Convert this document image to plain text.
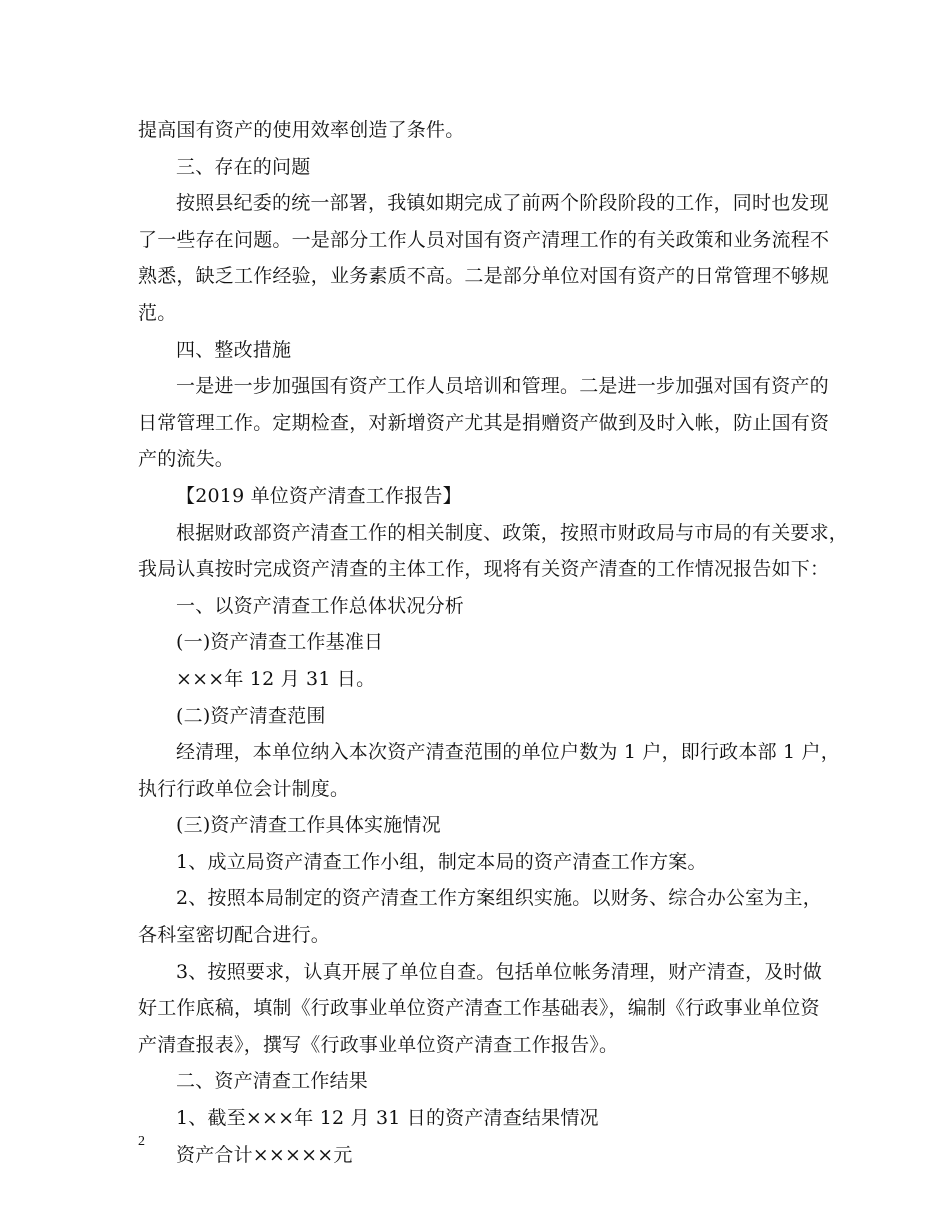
提高国有资产的使用效率创造了条件。
三、存在的问题
按照县纪委的统一部署，我镇如期完成了前两个阶段阶段的工作，同时也发现
了一些存在问题。一是部分工作人员对国有资产清理工作的有关政策和业务流程不
熟悉，缺乏工作经验，业务素质不高。二是部分单位对国有资产的日常管理不够规
范。
四、整改措施
一是进一步加强国有资产工作人员培训和管理。二是进一步加强对国有资产的
日常管理工作。定期检查，对新增资产尤其是捐赠资产做到及时入帐，防止国有资
产的流失。
【2019 单位资产清查工作报告】
根据财政部资产清查工作的相关制度、政策，按照市财政局与市局的有关要求，
我局认真按时完成资产清查的主体工作，现将有关资产清查的工作情况报告如下：
一、以资产清查工作总体状况分析
(一)资产清查工作基准日
×××年 12 月 31 日。
(二)资产清查范围
经清理，本单位纳入本次资产清查范围的单位户数为 1 户，即行政本部 1 户，
执行行政单位会计制度。
(三)资产清查工作具体实施情况
1、成立局资产清查工作小组，制定本局的资产清查工作方案。
2、按照本局制定的资产清查工作方案组织实施。以财务、综合办公室为主，
各科室密切配合进行。
3、按照要求，认真开展了单位自查。包括单位帐务清理，财产清查，及时做
好工作底稿，填制《行政事业单位资产清查工作基础表》，编制《行政事业单位资
产清查报表》，撰写《行政事业单位资产清查工作报告》。
二、资产清查工作结果
1、截至×××年 12 月 31 日的资产清查结果情况
资产合计×××××元
2
